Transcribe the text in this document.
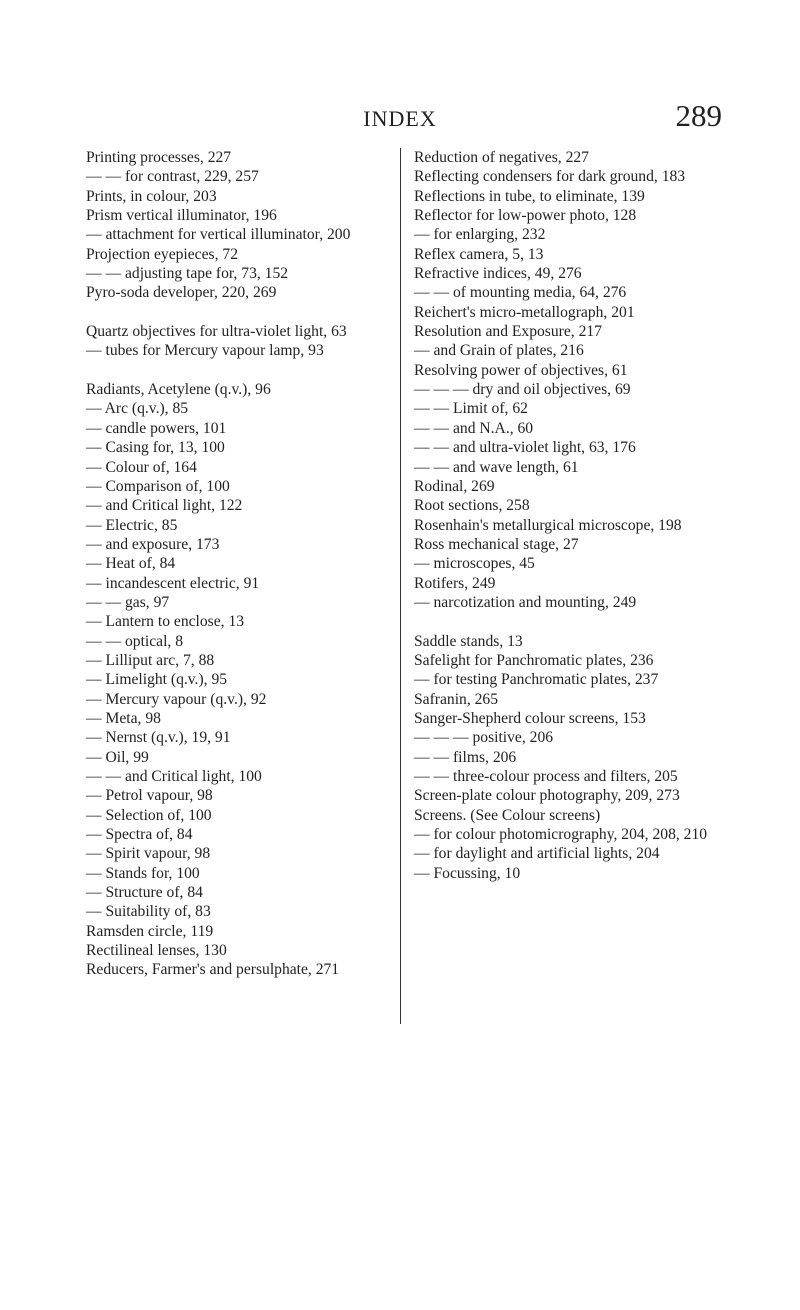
INDEX	289
Printing processes, 227
— — for contrast, 229, 257
Prints, in colour, 203
Prism vertical illuminator, 196
— attachment for vertical illuminator, 200
Projection eyepieces, 72
— — adjusting tape for, 73, 152
Pyro-soda developer, 220, 269
Quartz objectives for ultra-violet light, 63
— tubes for Mercury vapour lamp, 93
Radiants, Acetylene (q.v.), 96
— Arc (q.v.), 85
— candle powers, 101
— Casing for, 13, 100
— Colour of, 164
— Comparison of, 100
— and Critical light, 122
— Electric, 85
— and exposure, 173
— Heat of, 84
— incandescent electric, 91
— — gas, 97
— Lantern to enclose, 13
— — optical, 8
— Lilliput arc, 7, 88
— Limelight (q.v.), 95
— Mercury vapour (q.v.), 92
— Meta, 98
— Nernst (q.v.), 19, 91
— Oil, 99
— — and Critical light, 100
— Petrol vapour, 98
— Selection of, 100
— Spectra of, 84
— Spirit vapour, 98
— Stands for, 100
— Structure of, 84
— Suitability of, 83
Ramsden circle, 119
Rectilineal lenses, 130
Reducers, Farmer's and persulphate, 271
Reduction of negatives, 227
Reflecting condensers for dark ground, 183
Reflections in tube, to eliminate, 139
Reflector for low-power photo, 128
— for enlarging, 232
Reflex camera, 5, 13
Refractive indices, 49, 276
— — of mounting media, 64, 276
Reichert's micro-metallograph, 201
Resolution and Exposure, 217
— and Grain of plates, 216
Resolving power of objectives, 61
— — — dry and oil objectives, 69
— — Limit of, 62
— — and N.A., 60
— — and ultra-violet light, 63, 176
— — and wave length, 61
Rodinal, 269
Root sections, 258
Rosenhain's metallurgical microscope, 198
Ross mechanical stage, 27
— microscopes, 45
Rotifers, 249
— narcotization and mounting, 249
Saddle stands, 13
Safelight for Panchromatic plates, 236
— for testing Panchromatic plates, 237
Safranin, 265
Sanger-Shepherd colour screens, 153
— — — positive, 206
— — films, 206
— — three-colour process and filters, 205
Screen-plate colour photography, 209, 273
Screens. (See Colour screens)
— for colour photomicrography, 204, 208, 210
— for daylight and artificial lights, 204
— Focussing, 10
